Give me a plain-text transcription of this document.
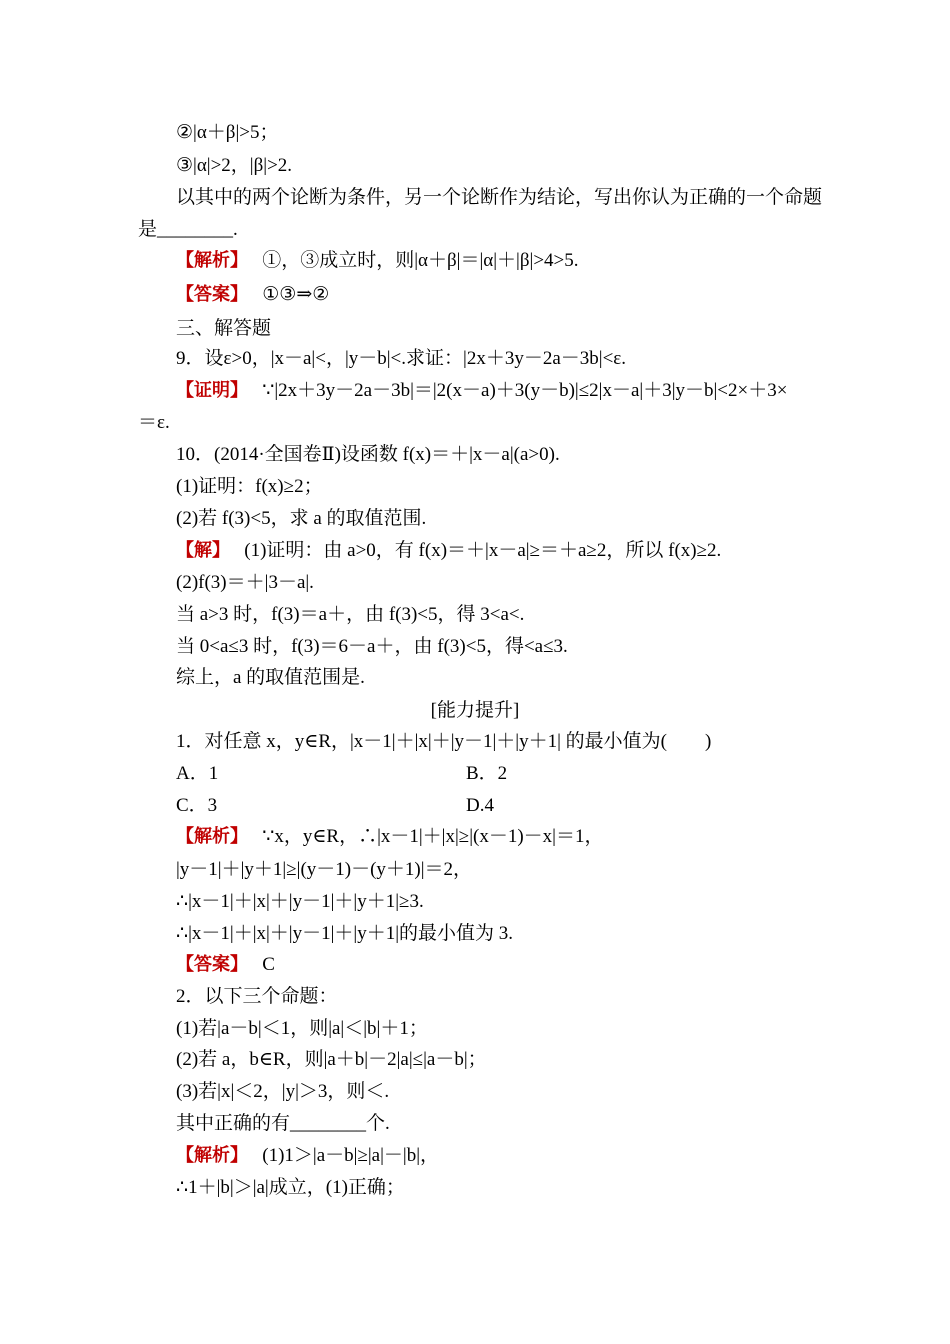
②|α＋β|>5；
③|α|>2，|β|>2.
以其中的两个论断为条件，另一个论断作为结论，写出你认为正确的一个命题
是________.
【解析】 ①，③成立时，则|α＋β|＝|α|＋|β|>4>5.
【答案】 ①③⇒②
三、解答题
9．设ε>0，|x－a|<，|y－b|<.求证：|2x＋3y－2a－3b|<ε.
【证明】 ∵|2x＋3y－2a－3b|＝|2(x－a)＋3(y－b)|≤2|x－a|＋3|y－b|<2×＋3×
＝ε.
10．(2014·全国卷Ⅱ)设函数 f(x)＝＋|x－a|(a>0).
(1)证明：f(x)≥2；
(2)若 f(3)<5，求 a 的取值范围.
【解】 (1)证明：由 a>0，有 f(x)＝＋|x－a|≥＝＋a≥2，所以 f(x)≥2.
(2)f(3)＝＋|3－a|.
当 a>3 时，f(3)＝a＋，由 f(3)<5，得 3<a<.
当 0<a≤3 时，f(3)＝6－a＋，由 f(3)<5，得<a≤3.
综上，a 的取值范围是.
[能力提升]
1．对任意 x，y∈R，|x－1|＋|x|＋|y－1|＋|y＋1| 的最小值为(　　)
A．1	B．2
C．3	D.4
【解析】 ∵x，y∈R，∴|x－1|＋|x|≥|(x－1)－x|＝1，
|y－1|＋|y＋1|≥|(y－1)－(y＋1)|＝2，
∴|x－1|＋|x|＋|y－1|＋|y＋1|≥3.
∴|x－1|＋|x|＋|y－1|＋|y＋1|的最小值为 3.
【答案】 C
2．以下三个命题：
(1)若|a－b|＜1，则|a|＜|b|＋1；
(2)若 a，b∈R，则|a＋b|－2|a|≤|a－b|；
(3)若|x|＜2，|y|＞3，则＜.
其中正确的有________个.
【解析】 (1)1＞|a－b|≥|a|－|b|，
∴1＋|b|＞|a|成立，(1)正确；
